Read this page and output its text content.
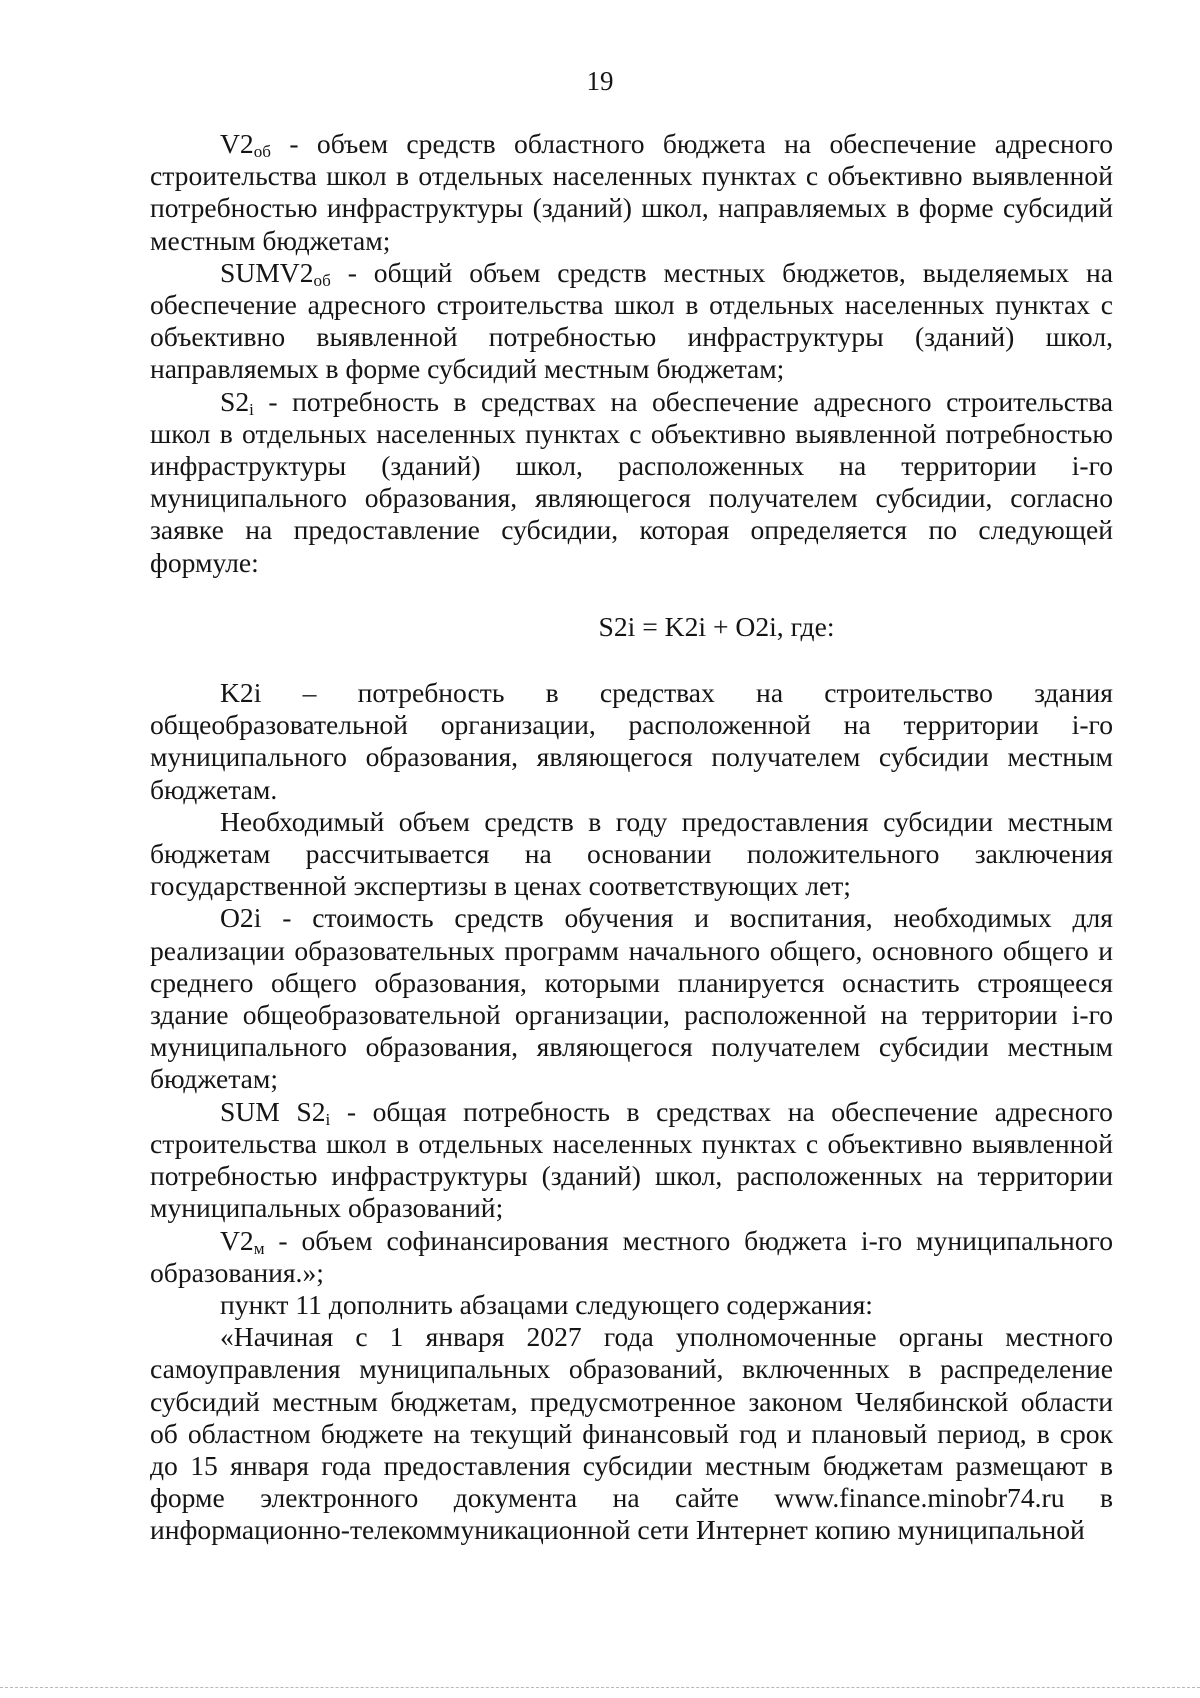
19

$V2_{об}$ - объем средств областного бюджета на обеспечение адресного строительства школ в отдельных населенных пунктах с объективно выявленной потребностью инфраструктуры (зданий) школ, направляемых в форме субсидий местным бюджетам;

$SUMV2_{об}$ - общий объем средств местных бюджетов, выделяемых на обеспечение адресного строительства школ в отдельных населенных пунктах с объективно выявленной потребностью инфраструктуры (зданий) школ, направляемых в форме субсидий местным бюджетам;

$S2_i$ - потребность в средствах на обеспечение адресного строительства школ в отдельных населенных пунктах с объективно выявленной потребностью инфраструктуры (зданий) школ, расположенных на территории i-го муниципального образования, являющегося получателем субсидии, согласно заявке на предоставление субсидии, которая определяется по следующей формуле:

S2i = K2i + O2i, где:

K2i – потребность в средствах на строительство здания

общеобразовательной организации, расположенной на территории i-го муниципального образования, являющегося получателем субсидии местным бюджетам.

Необходимый объем средств в году предоставления субсидии местным бюджетам рассчитывается на основании положительного заключения государственной экспертизы в ценах соответствующих лет;

O2i - стоимость средств обучения и воспитания, необходимых для реализации образовательных программ начального общего, основного общего и среднего общего образования, которыми планируется оснастить строящееся здание общеобразовательной организации, расположенной на территории i-го муниципального образования, являющегося получателем субсидии местным бюджетам;

SUM $S2_i$ - общая потребность в средствах на обеспечение адресного строительства школ в отдельных населенных пунктах с объективно выявленной потребностью инфраструктуры (зданий) школ, расположенных на территории муниципальных образований;

$V2_м$ - объем софинансирования местного бюджета i-го муниципального образования.»;

пункт 11 дополнить абзацами следующего содержания:

«Начиная с 1 января 2027 года уполномоченные органы местного самоуправления муниципальных образований, включенных в распределение субсидий местным бюджетам, предусмотренное законом Челябинской области об областном бюджете на текущий финансовый год и плановый период, в срок до 15 января года предоставления субсидии местным бюджетам размещают в форме электронного документа на сайте www.finance.minobr74.ru в информационно-телекоммуникационной сети Интернет копию муниципальной
